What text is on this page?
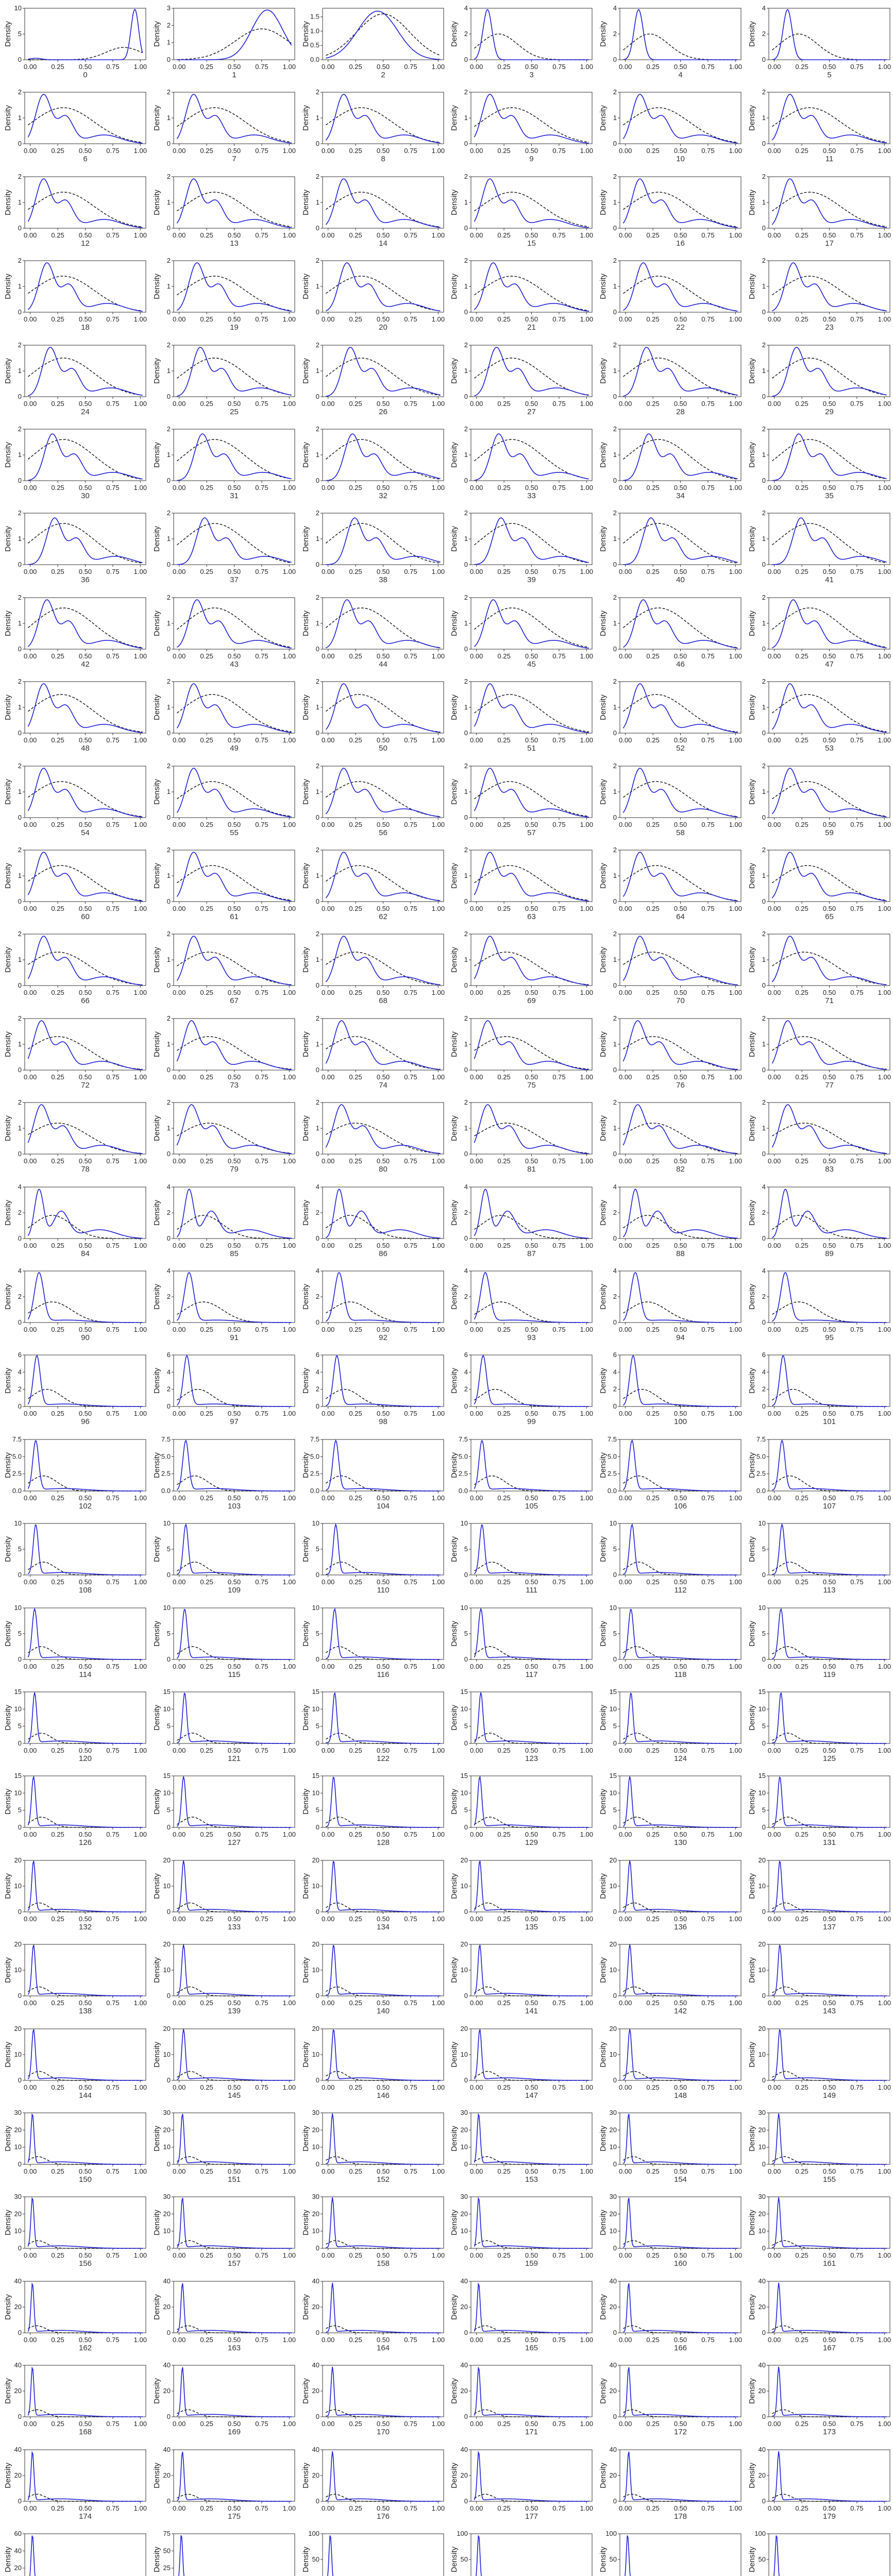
0
5
10
0.00 0.25 0.50 0.75 1.00
Density
0
0
1
2
3
0.00 0.25 0.50 0.75 1.00
Density
1
0.0
0.5
1.0
1.5
0.00 0.25 0.50 0.75 1.00
Density
2
0
2
4
0.00 0.25 0.50 0.75 1.00
Density
3
0
2
4
0.00 0.25 0.50 0.75 1.00
Density
4
0
2
4
0.00 0.25 0.50 0.75 1.00
Density
5
0
1
2
0.00 0.25 0.50 0.75 1.00
Density
6
0
1
2
0.00 0.25 0.50 0.75 1.00
Density
7
0
1
2
0.00 0.25 0.50 0.75 1.00
Density
8
0
1
2
0.00 0.25 0.50 0.75 1.00
Density
9
0
1
2
0.00 0.25 0.50 0.75 1.00
Density
10
0
1
2
0.00 0.25 0.50 0.75 1.00
Density
11
0
1
2
0.00 0.25 0.50 0.75 1.00
Density
12
0
1
2
0.00 0.25 0.50 0.75 1.00
Density
13
0
1
2
0.00 0.25 0.50 0.75 1.00
Density
14
0
1
2
0.00 0.25 0.50 0.75 1.00
Density
15
0
1
2
0.00 0.25 0.50 0.75 1.00
Density
16
0
1
2
0.00 0.25 0.50 0.75 1.00
Density
17
0
1
2
0.00 0.25 0.50 0.75 1.00
Density
18
0
1
2
0.00 0.25 0.50 0.75 1.00
Density
19
0
1
2
0.00 0.25 0.50 0.75 1.00
Density
20
0
1
2
0.00 0.25 0.50 0.75 1.00
Density
21
0
1
2
0.00 0.25 0.50 0.75 1.00
Density
22
0
1
2
0.00 0.25 0.50 0.75 1.00
Density
23
0
1
2
0.00 0.25 0.50 0.75 1.00
Density
24
0
1
2
0.00 0.25 0.50 0.75 1.00
Density
25
0
1
2
0.00 0.25 0.50 0.75 1.00
Density
26
0
1
2
0.00 0.25 0.50 0.75 1.00
Density
27
0
1
2
0.00 0.25 0.50 0.75 1.00
Density
28
0
1
2
0.00 0.25 0.50 0.75 1.00
Density
29
0
1
2
0.00 0.25 0.50 0.75 1.00
Density
30
0
1
2
0.00 0.25 0.50 0.75 1.00
Density
31
0
1
2
0.00 0.25 0.50 0.75 1.00
Density
32
0
1
2
0.00 0.25 0.50 0.75 1.00
Density
33
0
1
2
0.00 0.25 0.50 0.75 1.00
Density
34
0
1
2
0.00 0.25 0.50 0.75 1.00
Density
35
0
1
2
0.00 0.25 0.50 0.75 1.00
Density
36
0
1
2
0.00 0.25 0.50 0.75 1.00
Density
37
0
1
2
0.00 0.25 0.50 0.75 1.00
Density
38
0
1
2
0.00 0.25 0.50 0.75 1.00
Density
39
0
1
2
0.00 0.25 0.50 0.75 1.00
Density
40
0
1
2
0.00 0.25 0.50 0.75 1.00
Density
41
0
1
2
0.00 0.25 0.50 0.75 1.00
Density
42
0
1
2
0.00 0.25 0.50 0.75 1.00
Density
43
0
1
2
0.00 0.25 0.50 0.75 1.00
Density
44
0
1
2
0.00 0.25 0.50 0.75 1.00
Density
45
0
1
2
0.00 0.25 0.50 0.75 1.00
Density
46
0
1
2
0.00 0.25 0.50 0.75 1.00
Density
47
0
1
2
0.00 0.25 0.50 0.75 1.00
Density
48
0
1
2
0.00 0.25 0.50 0.75 1.00
Density
49
0
1
2
0.00 0.25 0.50 0.75 1.00
Density
50
0
1
2
0.00 0.25 0.50 0.75 1.00
Density
51
0
1
2
0.00 0.25 0.50 0.75 1.00
Density
52
0
1
2
0.00 0.25 0.50 0.75 1.00
Density
53
0
1
2
0.00 0.25 0.50 0.75 1.00
Density
54
0
1
2
0.00 0.25 0.50 0.75 1.00
Density
55
0
1
2
0.00 0.25 0.50 0.75 1.00
Density
56
0
1
2
0.00 0.25 0.50 0.75 1.00
Density
57
0
1
2
0.00 0.25 0.50 0.75 1.00
Density
58
0
1
2
0.00 0.25 0.50 0.75 1.00
Density
59
0
1
2
0.00 0.25 0.50 0.75 1.00
Density
60
0
1
2
0.00 0.25 0.50 0.75 1.00
Density
61
0
1
2
0.00 0.25 0.50 0.75 1.00
Density
62
0
1
2
0.00 0.25 0.50 0.75 1.00
Density
63
0
1
2
0.00 0.25 0.50 0.75 1.00
Density
64
0
1
2
0.00 0.25 0.50 0.75 1.00
Density
65
0
1
2
0.00 0.25 0.50 0.75 1.00
Density
66
0
1
2
0.00 0.25 0.50 0.75 1.00
Density
67
0
1
2
0.00 0.25 0.50 0.75 1.00
Density
68
0
1
2
0.00 0.25 0.50 0.75 1.00
Density
69
0
1
2
0.00 0.25 0.50 0.75 1.00
Density
70
0
1
2
0.00 0.25 0.50 0.75 1.00
Density
71
0
1
2
0.00 0.25 0.50 0.75 1.00
Density
72
0
1
2
0.00 0.25 0.50 0.75 1.00
Density
73
0
1
2
0.00 0.25 0.50 0.75 1.00
Density
74
0
1
2
0.00 0.25 0.50 0.75 1.00
Density
75
0
1
2
0.00 0.25 0.50 0.75 1.00
Density
76
0
1
2
0.00 0.25 0.50 0.75 1.00
Density
77
0
1
2
0.00 0.25 0.50 0.75 1.00
Density
78
0
1
2
0.00 0.25 0.50 0.75 1.00
Density
79
0
1
2
0.00 0.25 0.50 0.75 1.00
Density
80
0
1
2
0.00 0.25 0.50 0.75 1.00
Density
81
0
1
2
0.00 0.25 0.50 0.75 1.00
Density
82
0
1
2
0.00 0.25 0.50 0.75 1.00
Density
83
0
2
4
0.00 0.25 0.50 0.75 1.00
Density
84
0
2
4
0.00 0.25 0.50 0.75 1.00
Density
85
0
2
4
0.00 0.25 0.50 0.75 1.00
Density
86
0
2
4
0.00 0.25 0.50 0.75 1.00
Density
87
0
2
4
0.00 0.25 0.50 0.75 1.00
Density
88
0
2
4
0.00 0.25 0.50 0.75 1.00
Density
89
0
2
4
0.00 0.25 0.50 0.75 1.00
Density
90
0
2
4
0.00 0.25 0.50 0.75 1.00
Density
91
0
2
4
0.00 0.25 0.50 0.75 1.00
Density
92
0
2
4
0.00 0.25 0.50 0.75 1.00
Density
93
0
2
4
0.00 0.25 0.50 0.75 1.00
Density
94
0
2
4
0.00 0.25 0.50 0.75 1.00
Density
95
0
2
4
6
0.00 0.25 0.50 0.75 1.00
Density
96
0
2
4
6
0.00 0.25 0.50 0.75 1.00
Density
97
0
2
4
6
0.00 0.25 0.50 0.75 1.00
Density
98
0
2
4
6
0.00 0.25 0.50 0.75 1.00
Density
99
0
2
4
6
0.00 0.25 0.50 0.75 1.00
Density
100
0
2
4
6
0.00 0.25 0.50 0.75 1.00
Density
101
0.0
2.5
5.0
7.5
0.00 0.25 0.50 0.75 1.00
Density
102
0.0
2.5
5.0
7.5
0.00 0.25 0.50 0.75 1.00
Density
103
0.0
2.5
5.0
7.5
0.00 0.25 0.50 0.75 1.00
Density
104
0.0
2.5
5.0
7.5
0.00 0.25 0.50 0.75 1.00
Density
105
0.0
2.5
5.0
7.5
0.00 0.25 0.50 0.75 1.00
Density
106
0.0
2.5
5.0
7.5
0.00 0.25 0.50 0.75 1.00
Density
107
0
5
10
0.00 0.25 0.50 0.75 1.00
Density
108
0
5
10
0.00 0.25 0.50 0.75 1.00
Density
109
0
5
10
0.00 0.25 0.50 0.75 1.00
Density
110
0
5
10
0.00 0.25 0.50 0.75 1.00
Density
111
0
5
10
0.00 0.25 0.50 0.75 1.00
Density
112
0
5
10
0.00 0.25 0.50 0.75 1.00
Density
113
0
5
10
0.00 0.25 0.50 0.75 1.00
Density
114
0
5
10
0.00 0.25 0.50 0.75 1.00
Density
115
0
5
10
0.00 0.25 0.50 0.75 1.00
Density
116
0
5
10
0.00 0.25 0.50 0.75 1.00
Density
117
0
5
10
0.00 0.25 0.50 0.75 1.00
Density
118
0
5
10
0.00 0.25 0.50 0.75 1.00
Density
119
0
5
10
15
0.00 0.25 0.50 0.75 1.00
Density
120
0
5
10
15
0.00 0.25 0.50 0.75 1.00
Density
121
0
5
10
15
0.00 0.25 0.50 0.75 1.00
Density
122
0
5
10
15
0.00 0.25 0.50 0.75 1.00
Density
123
0
5
10
15
0.00 0.25 0.50 0.75 1.00
Density
124
0
5
10
15
0.00 0.25 0.50 0.75 1.00
Density
125
0
5
10
15
0.00 0.25 0.50 0.75 1.00
Density
126
0
5
10
15
0.00 0.25 0.50 0.75 1.00
Density
127
0
5
10
15
0.00 0.25 0.50 0.75 1.00
Density
128
0
5
10
15
0.00 0.25 0.50 0.75 1.00
Density
129
0
5
10
15
0.00 0.25 0.50 0.75 1.00
Density
130
0
5
10
15
0.00 0.25 0.50 0.75 1.00
Density
131
0
10
20
0.00 0.25 0.50 0.75 1.00
Density
132
0
10
20
0.00 0.25 0.50 0.75 1.00
Density
133
0
10
20
0.00 0.25 0.50 0.75 1.00
Density
134
0
10
20
0.00 0.25 0.50 0.75 1.00
Density
135
0
10
20
0.00 0.25 0.50 0.75 1.00
Density
136
0
10
20
0.00 0.25 0.50 0.75 1.00
Density
137
0
10
20
0.00 0.25 0.50 0.75 1.00
Density
138
0
10
20
0.00 0.25 0.50 0.75 1.00
Density
139
0
10
20
0.00 0.25 0.50 0.75 1.00
Density
140
0
10
20
0.00 0.25 0.50 0.75 1.00
Density
141
0
10
20
0.00 0.25 0.50 0.75 1.00
Density
142
0
10
20
0.00 0.25 0.50 0.75 1.00
Density
143
0
10
20
0.00 0.25 0.50 0.75 1.00
Density
144
0
10
20
0.00 0.25 0.50 0.75 1.00
Density
145
0
10
20
0.00 0.25 0.50 0.75 1.00
Density
146
0
10
20
0.00 0.25 0.50 0.75 1.00
Density
147
0
10
20
0.00 0.25 0.50 0.75 1.00
Density
148
0
10
20
0.00 0.25 0.50 0.75 1.00
Density
149
0
10
20
30
0.00 0.25 0.50 0.75 1.00
Density
150
0
10
20
30
0.00 0.25 0.50 0.75 1.00
Density
151
0
10
20
30
0.00 0.25 0.50 0.75 1.00
Density
152
0
10
20
30
0.00 0.25 0.50 0.75 1.00
Density
153
0
10
20
30
0.00 0.25 0.50 0.75 1.00
Density
154
0
10
20
30
0.00 0.25 0.50 0.75 1.00
Density
155
0
10
20
30
0.00 0.25 0.50 0.75 1.00
Density
156
0
10
20
30
0.00 0.25 0.50 0.75 1.00
Density
157
0
10
20
30
0.00 0.25 0.50 0.75 1.00
Density
158
0
10
20
30
0.00 0.25 0.50 0.75 1.00
Density
159
0
10
20
30
0.00 0.25 0.50 0.75 1.00
Density
160
0
10
20
30
0.00 0.25 0.50 0.75 1.00
Density
161
0
20
40
0.00 0.25 0.50 0.75 1.00
Density
162
0
20
40
0.00 0.25 0.50 0.75 1.00
Density
163
0
20
40
0.00 0.25 0.50 0.75 1.00
Density
164
0
20
40
0.00 0.25 0.50 0.75 1.00
Density
165
0
20
40
0.00 0.25 0.50 0.75 1.00
Density
166
0
20
40
0.00 0.25 0.50 0.75 1.00
Density
167
0
20
40
0.00 0.25 0.50 0.75 1.00
Density
168
0
20
40
0.00 0.25 0.50 0.75 1.00
Density
169
0
20
40
0.00 0.25 0.50 0.75 1.00
Density
170
0
20
40
0.00 0.25 0.50 0.75 1.00
Density
171
0
20
40
0.00 0.25 0.50 0.75 1.00
Density
172
0
20
40
0.00 0.25 0.50 0.75 1.00
Density
173
0
20
40
0.00 0.25 0.50 0.75 1.00
Density
174
0
20
40
0.00 0.25 0.50 0.75 1.00
Density
175
0
20
40
0.00 0.25 0.50 0.75 1.00
Density
176
0
20
40
0.00 0.25 0.50 0.75 1.00
Density
177
0
20
40
0.00 0.25 0.50 0.75 1.00
Density
178
0
20
40
0.00 0.25 0.50 0.75 1.00
Density
179
20
40
60
Density	25
50
75
Density	50
100
Density	50
100
Density	50
100
Density	50
100
Density
